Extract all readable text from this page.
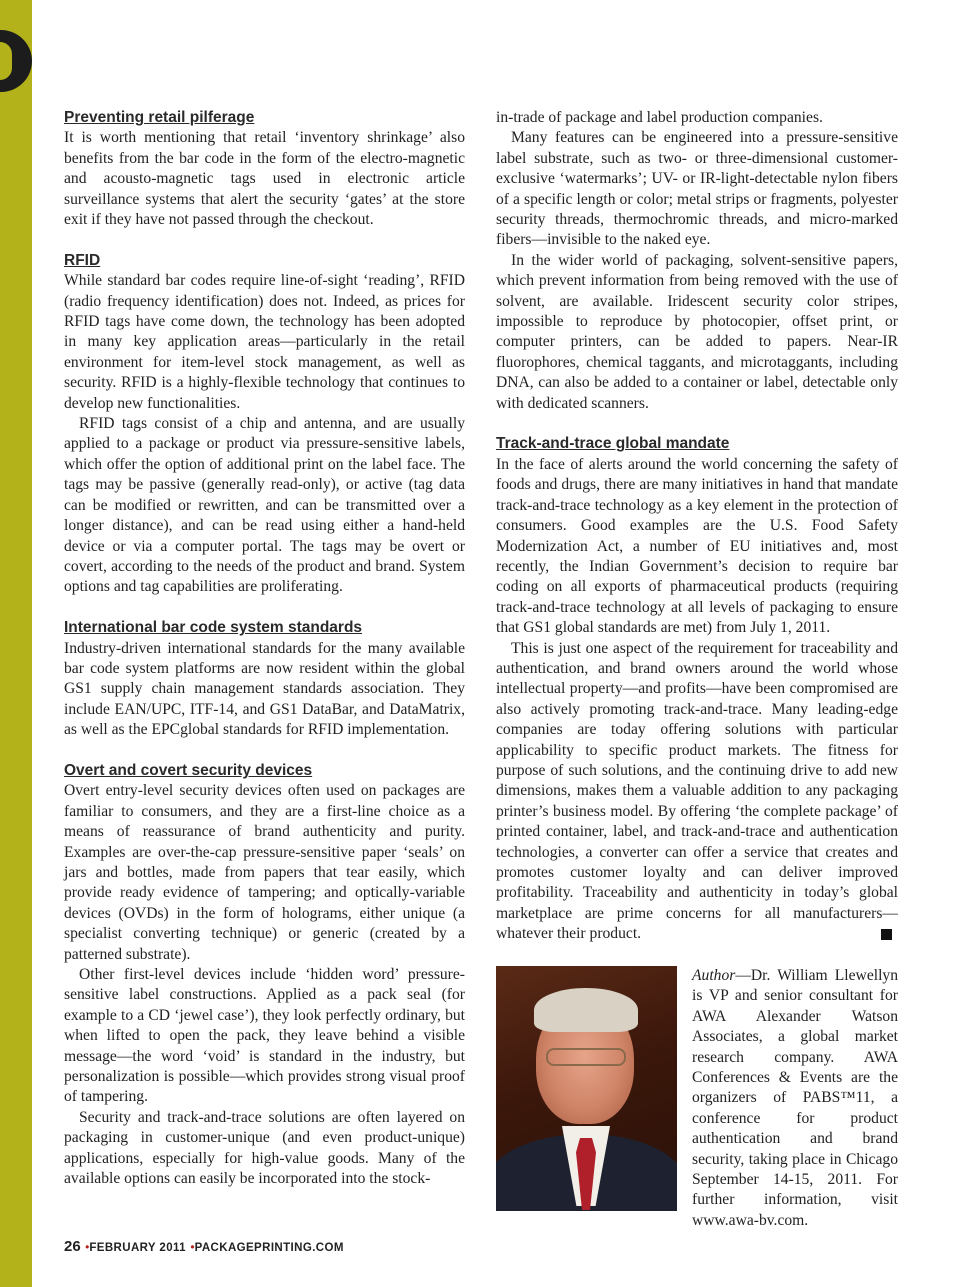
Preventing retail pilferage

It is worth mentioning that retail ‘inventory shrinkage’ also benefits from the bar code in the form of the electro-magnetic and acousto-magnetic tags used in electronic article surveillance systems that alert the security ‘gates’ at the store exit if they have not passed through the checkout.

RFID

While standard bar codes require line-of-sight ‘reading’, RFID (radio frequency identification) does not. Indeed, as prices for RFID tags have come down, the technology has been adopted in many key application areas—particularly in the retail environment for item-level stock management, as well as security. RFID is a highly-flexible technology that continues to develop new functionalities.

RFID tags consist of a chip and antenna, and are usually applied to a package or product via pressure-sensitive labels, which offer the option of additional print on the label face. The tags may be passive (generally read-only), or active (tag data can be modified or rewritten, and can be transmitted over a longer distance), and can be read using either a hand-held device or via a computer portal. The tags may be overt or covert, according to the needs of the product and brand. System options and tag capabilities are proliferating.

International bar code system standards

Industry-driven international standards for the many available bar code system platforms are now resident within the global GS1 supply chain management standards association. They include EAN/UPC, ITF-14, and GS1 DataBar, and DataMatrix, as well as the EPCglobal standards for RFID implementation.

Overt and covert security devices

Overt entry-level security devices often used on packages are familiar to consumers, and they are a first-line choice as a means of reassurance of brand authenticity and purity. Examples are over-the-cap pressure-sensitive paper ‘seals’ on jars and bottles, made from papers that tear easily, which provide ready evidence of tampering; and optically-variable devices (OVDs) in the form of holograms, either unique (a specialist converting technique) or generic (created by a patterned substrate).

Other first-level devices include ‘hidden word’ pressure-sensitive label constructions. Applied as a pack seal (for example to a CD ‘jewel case’), they look perfectly ordinary, but when lifted to open the pack, they leave behind a visible message—the word ‘void’ is standard in the industry, but personalization is possible—which provides strong visual proof of tampering.

Security and track-and-trace solutions are often layered on packaging in customer-unique (and even product-unique) applications, especially for high-value goods. Many of the available options can easily be incorporated into the stock-

in-trade of package and label production companies.

Many features can be engineered into a pressure-sensitive label substrate, such as two- or three-dimensional customer-exclusive ‘watermarks’; UV- or IR-light-detectable nylon fibers of a specific length or color; metal strips or fragments, polyester security threads, thermochromic threads, and micro-marked fibers—invisible to the naked eye.

In the wider world of packaging, solvent-sensitive papers, which prevent information from being removed with the use of solvent, are available. Iridescent security color stripes, impossible to reproduce by photocopier, offset print, or computer printers, can be added to papers. Near-IR fluorophores, chemical taggants, and microtaggants, including DNA, can also be added to a container or label, detectable only with dedicated scanners.

Track-and-trace global mandate

In the face of alerts around the world concerning the safety of foods and drugs, there are many initiatives in hand that mandate track-and-trace technology as a key element in the protection of consumers. Good examples are the U.S. Food Safety Modernization Act, a number of EU initiatives and, most recently, the Indian Government’s decision to require bar coding on all exports of pharmaceutical products (requiring track-and-trace technology at all levels of packaging to ensure that GS1 global standards are met) from July 1, 2011.

This is just one aspect of the requirement for traceability and authentication, and brand owners around the world whose intellectual property—and profits—have been compromised are also actively promoting track-and-trace. Many leading-edge companies are today offering solutions with particular applicability to specific product markets. The fitness for purpose of such solutions, and the continuing drive to add new dimensions, makes them a valuable addition to any packaging printer’s business model. By offering ‘the complete package’ of printed container, label, and track-and-trace and authentication technologies, a converter can offer a service that creates and promotes customer loyalty and can deliver improved profitability. Traceability and authenticity in today’s global marketplace are prime concerns for all manufacturers—whatever their product.

Author—Dr. William Llewellyn is VP and senior consultant for AWA Alexander Watson Associates, a global market research company. AWA Conferences & Events are the organizers of PABS™11, a conference for product authentication and brand security, taking place in Chicago September 14-15, 2011. For further information, visit www.awa-bv.com.
26 •FEBRUARY 2011 •PACKAGEPRINTING.COM
